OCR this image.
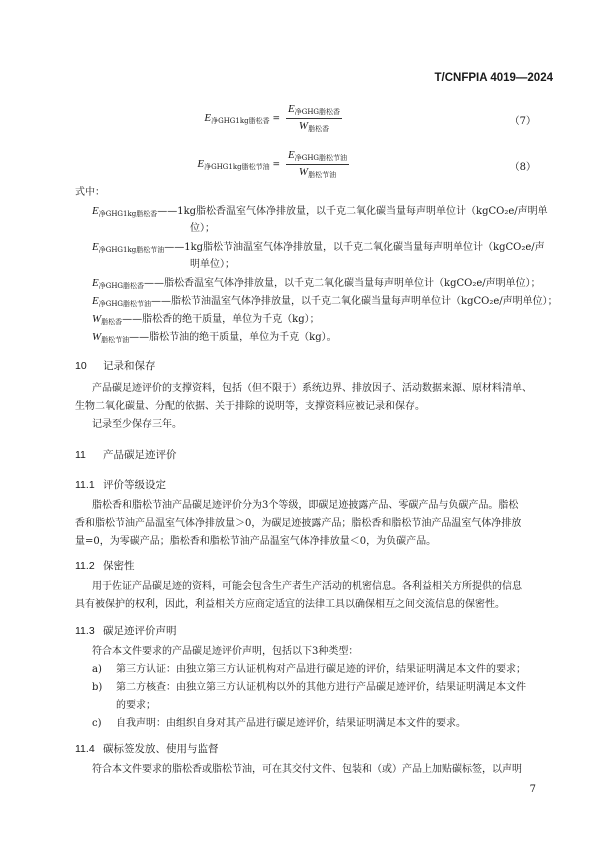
T/CNFPIA 4019—2024
$E_{净GHG1kg脂松香}$ =
$E_{净GHG脂松香}$
$W_{脂松香}$
（7）
$E_{净GHG1kg脂松节油}$ =
$E_{净GHG脂松节油}$
$W_{脂松节油}$
（8）
式中：
$E_{净GHG1kg脂松香}——1kg$脂松香温室气体净排放量，以千克二氧化碳当量每声明单位计（kgCO₂e/声明单
位）；
$E_{净GHG1kg脂松节油}——1kg$脂松节油温室气体净排放量，以千克二氧化碳当量每声明单位计（kgCO₂e/声
明单位）；
$E_{净GHG脂松香}——$脂松香温室气体净排放量，以千克二氧化碳当量每声明单位计（kgCO₂e/声明单位）；
$E_{净GHG脂松节油}——$脂松节油温室气体净排放量，以千克二氧化碳当量每声明单位计（kgCO₂e/声明单位）；
$W_{脂松香}——$脂松香的绝干质量，单位为千克（kg）；
$W_{脂松节油}——$脂松节油的绝干质量，单位为千克（kg）。
10 记录和保存
产品碳足迹评价的支撑资料，包括（但不限于）系统边界、排放因子、活动数据来源、原材料清单、
生物二氧化碳量、分配的依据、关于排除的说明等，支撑资料应被记录和保存。
记录至少保存三年。
11 产品碳足迹评价
11.1 评价等级设定
脂松香和脂松节油产品碳足迹评价分为3个等级，即碳足迹披露产品、零碳产品与负碳产品。脂松
香和脂松节油产品温室气体净排放量＞0，为碳足迹披露产品；脂松香和脂松节油产品温室气体净排放
量=0，为零碳产品；脂松香和脂松节油产品温室气体净排放量＜0，为负碳产品。
11.2 保密性
用于佐证产品碳足迹的资料，可能会包含生产者生产活动的机密信息。各利益相关方所提供的信息
具有被保护的权利，因此，利益相关方应商定适宜的法律工具以确保相互之间交流信息的保密性。
11.3 碳足迹评价声明
符合本文件要求的产品碳足迹评价声明，包括以下3种类型：
a) 第三方认证：由独立第三方认证机构对产品进行碳足迹的评价，结果证明满足本文件的要求；
b) 第二方核查：由独立第三方认证机构以外的其他方进行产品碳足迹评价，结果证明满足本文件
的要求；
c) 自我声明：由组织自身对其产品进行碳足迹评价，结果证明满足本文件的要求。
11.4 碳标签发放、使用与监督
符合本文件要求的脂松香或脂松节油，可在其交付文件、包装和（或）产品上加贴碳标签，以声明
7
